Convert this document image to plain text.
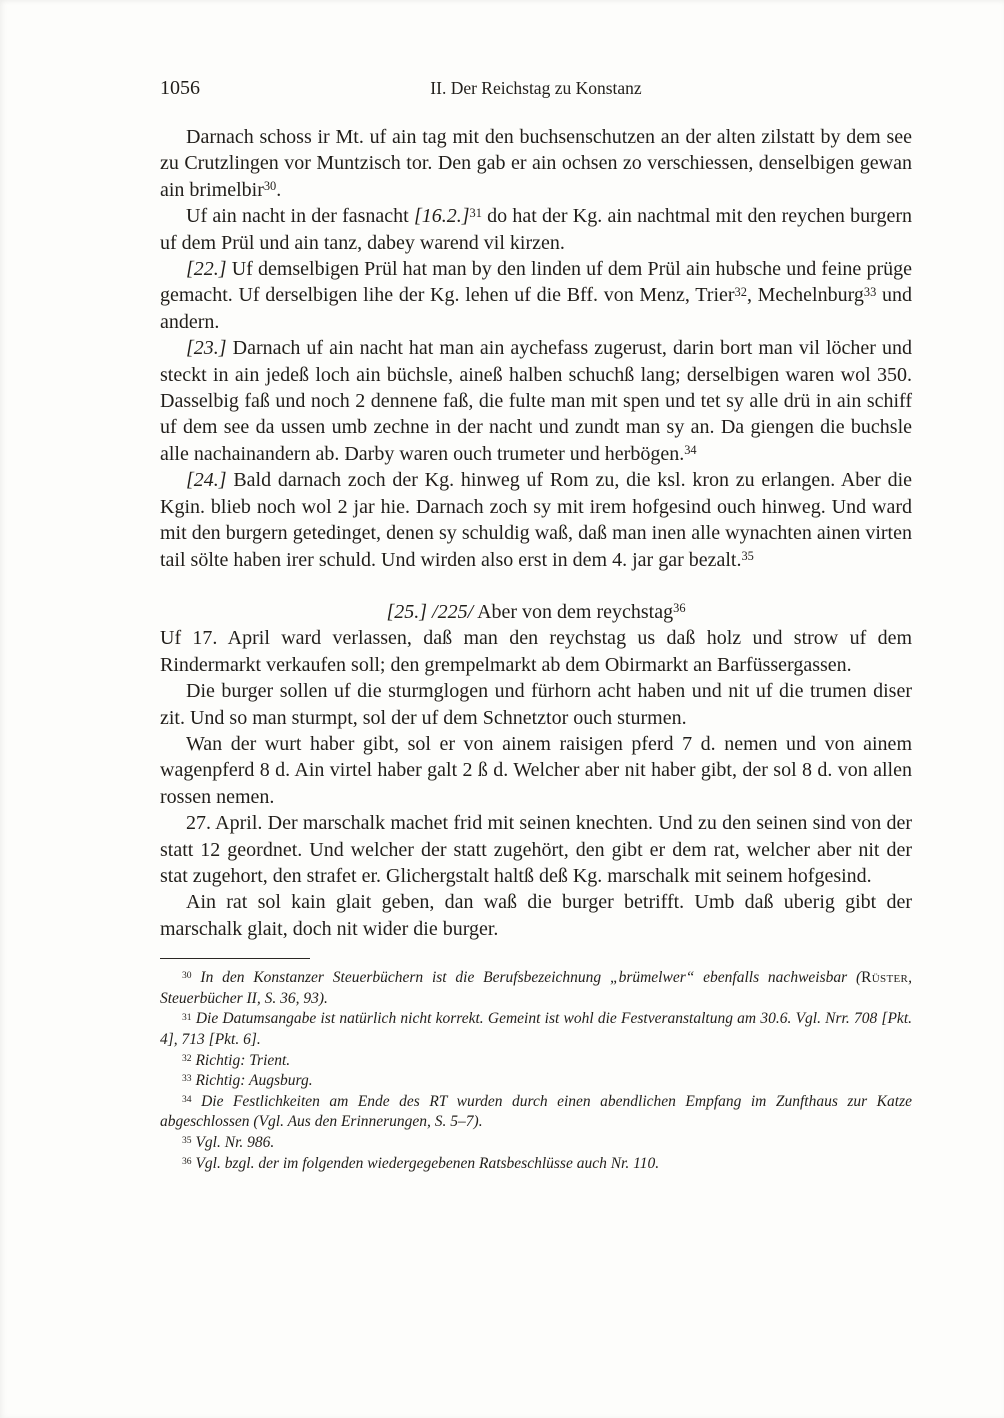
1056	II. Der Reichstag zu Konstanz

Darnach schoss ir Mt. uf ain tag mit den buchsenschutzen an der alten zilstatt by dem see zu Crutzlingen vor Muntzisch tor. Den gab er ain ochsen zo verschiessen, denselbigen gewan ain brimelbir$^{30}$.

Uf ain nacht in der fasnacht $[16.2.]^{31}$ do hat der Kg. ain nachtmal mit den reychen burgern uf dem Prül und ain tanz, dabey warend vil kirzen.

[22.] Uf demselbigen Prül hat man by den linden uf dem Prül ain hubsche und feine prüge gemacht. Uf derselbigen lihe der Kg. lehen uf die Bff. von Menz, Trier$^{32}$, Mechelnburg$^{33}$ und andern.

[23.] Darnach uf ain nacht hat man ain aychefass zugerust, darin bort man vil löcher und steckt in ain jedeß loch ain büchsle, aineß halben schuchß lang; derselbigen waren wol 350. Dasselbig faß und noch 2 dennene faß, die fulte man mit spen und tet sy alle drü in ain schiff uf dem see da ussen umb zechne in der nacht und zundt man sy an. Da giengen die buchsle alle nachainandern ab. Darby waren ouch trumeter und herbögen.$^{34}$

[24.] Bald darnach zoch der Kg. hinweg uf Rom zu, die ksl. kron zu erlangen. Aber die Kgin. blieb noch wol 2 jar hie. Darnach zoch sy mit irem hofgesind ouch hinweg. Und ward mit den burgern getedinget, denen sy schuldig waß, daß man inen alle wynachten ainen virten tail sölte haben irer schuld. Und wirden also erst in dem 4. jar gar bezalt.$^{35}$

[25.] /225/ Aber von dem reychstag$^{36}$

Uf 17. April ward verlassen, daß man den reychstag us daß holz und strow uf dem Rindermarkt verkaufen soll; den grempelmarkt ab dem Obirmarkt an Barfüssergassen.

Die burger sollen uf die sturmglogen und fürhorn acht haben und nit uf die trumen diser zit. Und so man sturmpt, sol der uf dem Schnetztor ouch sturmen.

Wan der wurt haber gibt, sol er von ainem raisigen pferd 7 d. nemen und von ainem wagenpferd 8 d. Ain virtel haber galt 2 ß d. Welcher aber nit haber gibt, der sol 8 d. von allen rossen nemen.

27. April. Der marschalk machet frid mit seinen knechten. Und zu den seinen sind von der statt 12 geordnet. Und welcher der statt zugehört, den gibt er dem rat, welcher aber nit der stat zugehort, den strafet er. Glichergstalt haltß deß Kg. marschalk mit seinem hofgesind.

Ain rat sol kain glait geben, dan waß die burger betrifft. Umb daß uberig gibt der marschalk glait, doch nit wider die burger.

$^{30}$ In den Konstanzer Steuerbüchern ist die Berufsbezeichnung „brümelwer“ ebenfalls nachweisbar (Rüster, Steuerbücher II, S. 36, 93).

$^{31}$ Die Datumsangabe ist natürlich nicht korrekt. Gemeint ist wohl die Festveranstaltung am 30.6. Vgl. Nrr. 708 [Pkt. 4], 713 [Pkt. 6].

$^{32}$ Richtig: Trient.

$^{33}$ Richtig: Augsburg.

$^{34}$ Die Festlichkeiten am Ende des RT wurden durch einen abendlichen Empfang im Zunfthaus zur Katze abgeschlossen (Vgl. Aus den Erinnerungen, S. 5–7).

$^{35}$ Vgl. Nr. 986.

$^{36}$ Vgl. bzgl. der im folgenden wiedergegebenen Ratsbeschlüsse auch Nr. 110.
